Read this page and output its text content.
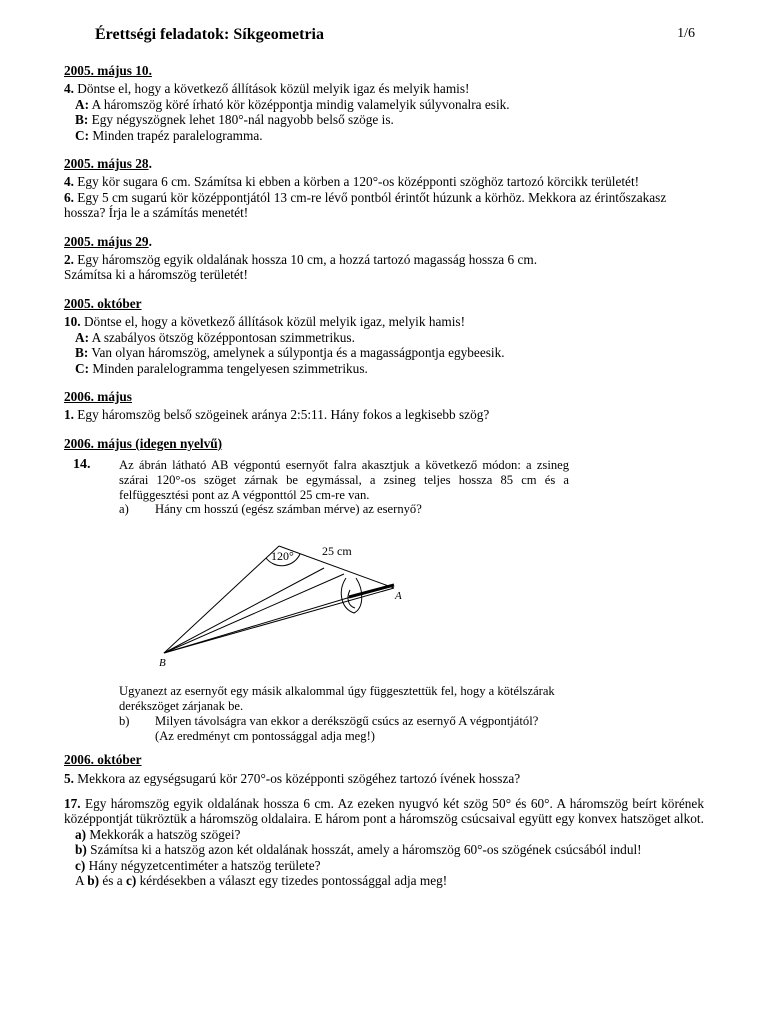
Érettségi feladatok: Síkgeometria	1/6

2005. május 10.

4. Döntse el, hogy a következő állítások közül melyik igaz és melyik hamis!

A: A háromszög köré írható kör középpontja mindig valamelyik súlyvonalra esik.

B: Egy négyszögnek lehet 180°-nál nagyobb belső szöge is.

C: Minden trapéz paralelogramma.

2005. május 28.

4. Egy kör sugara 6 cm. Számítsa ki ebben a körben a 120°-os középponti szöghöz tartozó körcikk területét!

6. Egy 5 cm sugarú kör középpontjától 13 cm-re lévő pontból érintőt húzunk a körhöz. Mekkora az érintőszakasz hossza? Írja le a számítás menetét!

2005. május 29.

2. Egy háromszög egyik oldalának hossza 10 cm, a hozzá tartozó magasság hossza 6 cm.

Számítsa ki a háromszög területét!

2005. október

10. Döntse el, hogy a következő állítások közül melyik igaz, melyik hamis!

A: A szabályos ötszög középpontosan szimmetrikus.

B: Van olyan háromszög, amelynek a súlypontja és a magasságpontja egybeesik.

C: Minden paralelogramma tengelyesen szimmetrikus.

2006. május

1. Egy háromszög belső szögeinek aránya 2:5:11. Hány fokos a legkisebb szög?

2006. május (idegen nyelvű)

14. Az ábrán látható AB végpontú esernyőt falra akasztjuk a következő módon: a zsineg szárai 120°-os szöget zárnak be egymással, a zsineg teljes hossza 85 cm és a felfüggesztési pont az A végponttól 25 cm-re van.
a) Hány cm hosszú (egész számban mérve) az esernyő?
120° 25 cm
A
B
Ugyanezt az esernyőt egy másik alkalommal úgy függesztettük fel, hogy a kötélszárak derékszöget zárjanak be.
b) Milyen távolságra van ekkor a derékszögű csúcs az esernyő A végpontjától?
(Az eredményt cm pontossággal adja meg!)

2006. október

5. Mekkora az egységsugarú kör 270°-os középponti szögéhez tartozó ívének hossza?

17. Egy háromszög egyik oldalának hossza 6 cm. Az ezeken nyugvó két szög 50° és 60°. A háromszög beírt körének középpontját tükröztük a háromszög oldalaira. E három pont a háromszög csúcsaival együtt egy konvex hatszöget alkot.

a) Mekkorák a hatszög szögei?

b) Számítsa ki a hatszög azon két oldalának hosszát, amely a háromszög 60°-os szögének csúcsából indul!

c) Hány négyzetcentiméter a hatszög területe?

A b) és a c) kérdésekben a választ egy tizedes pontossággal adja meg!
